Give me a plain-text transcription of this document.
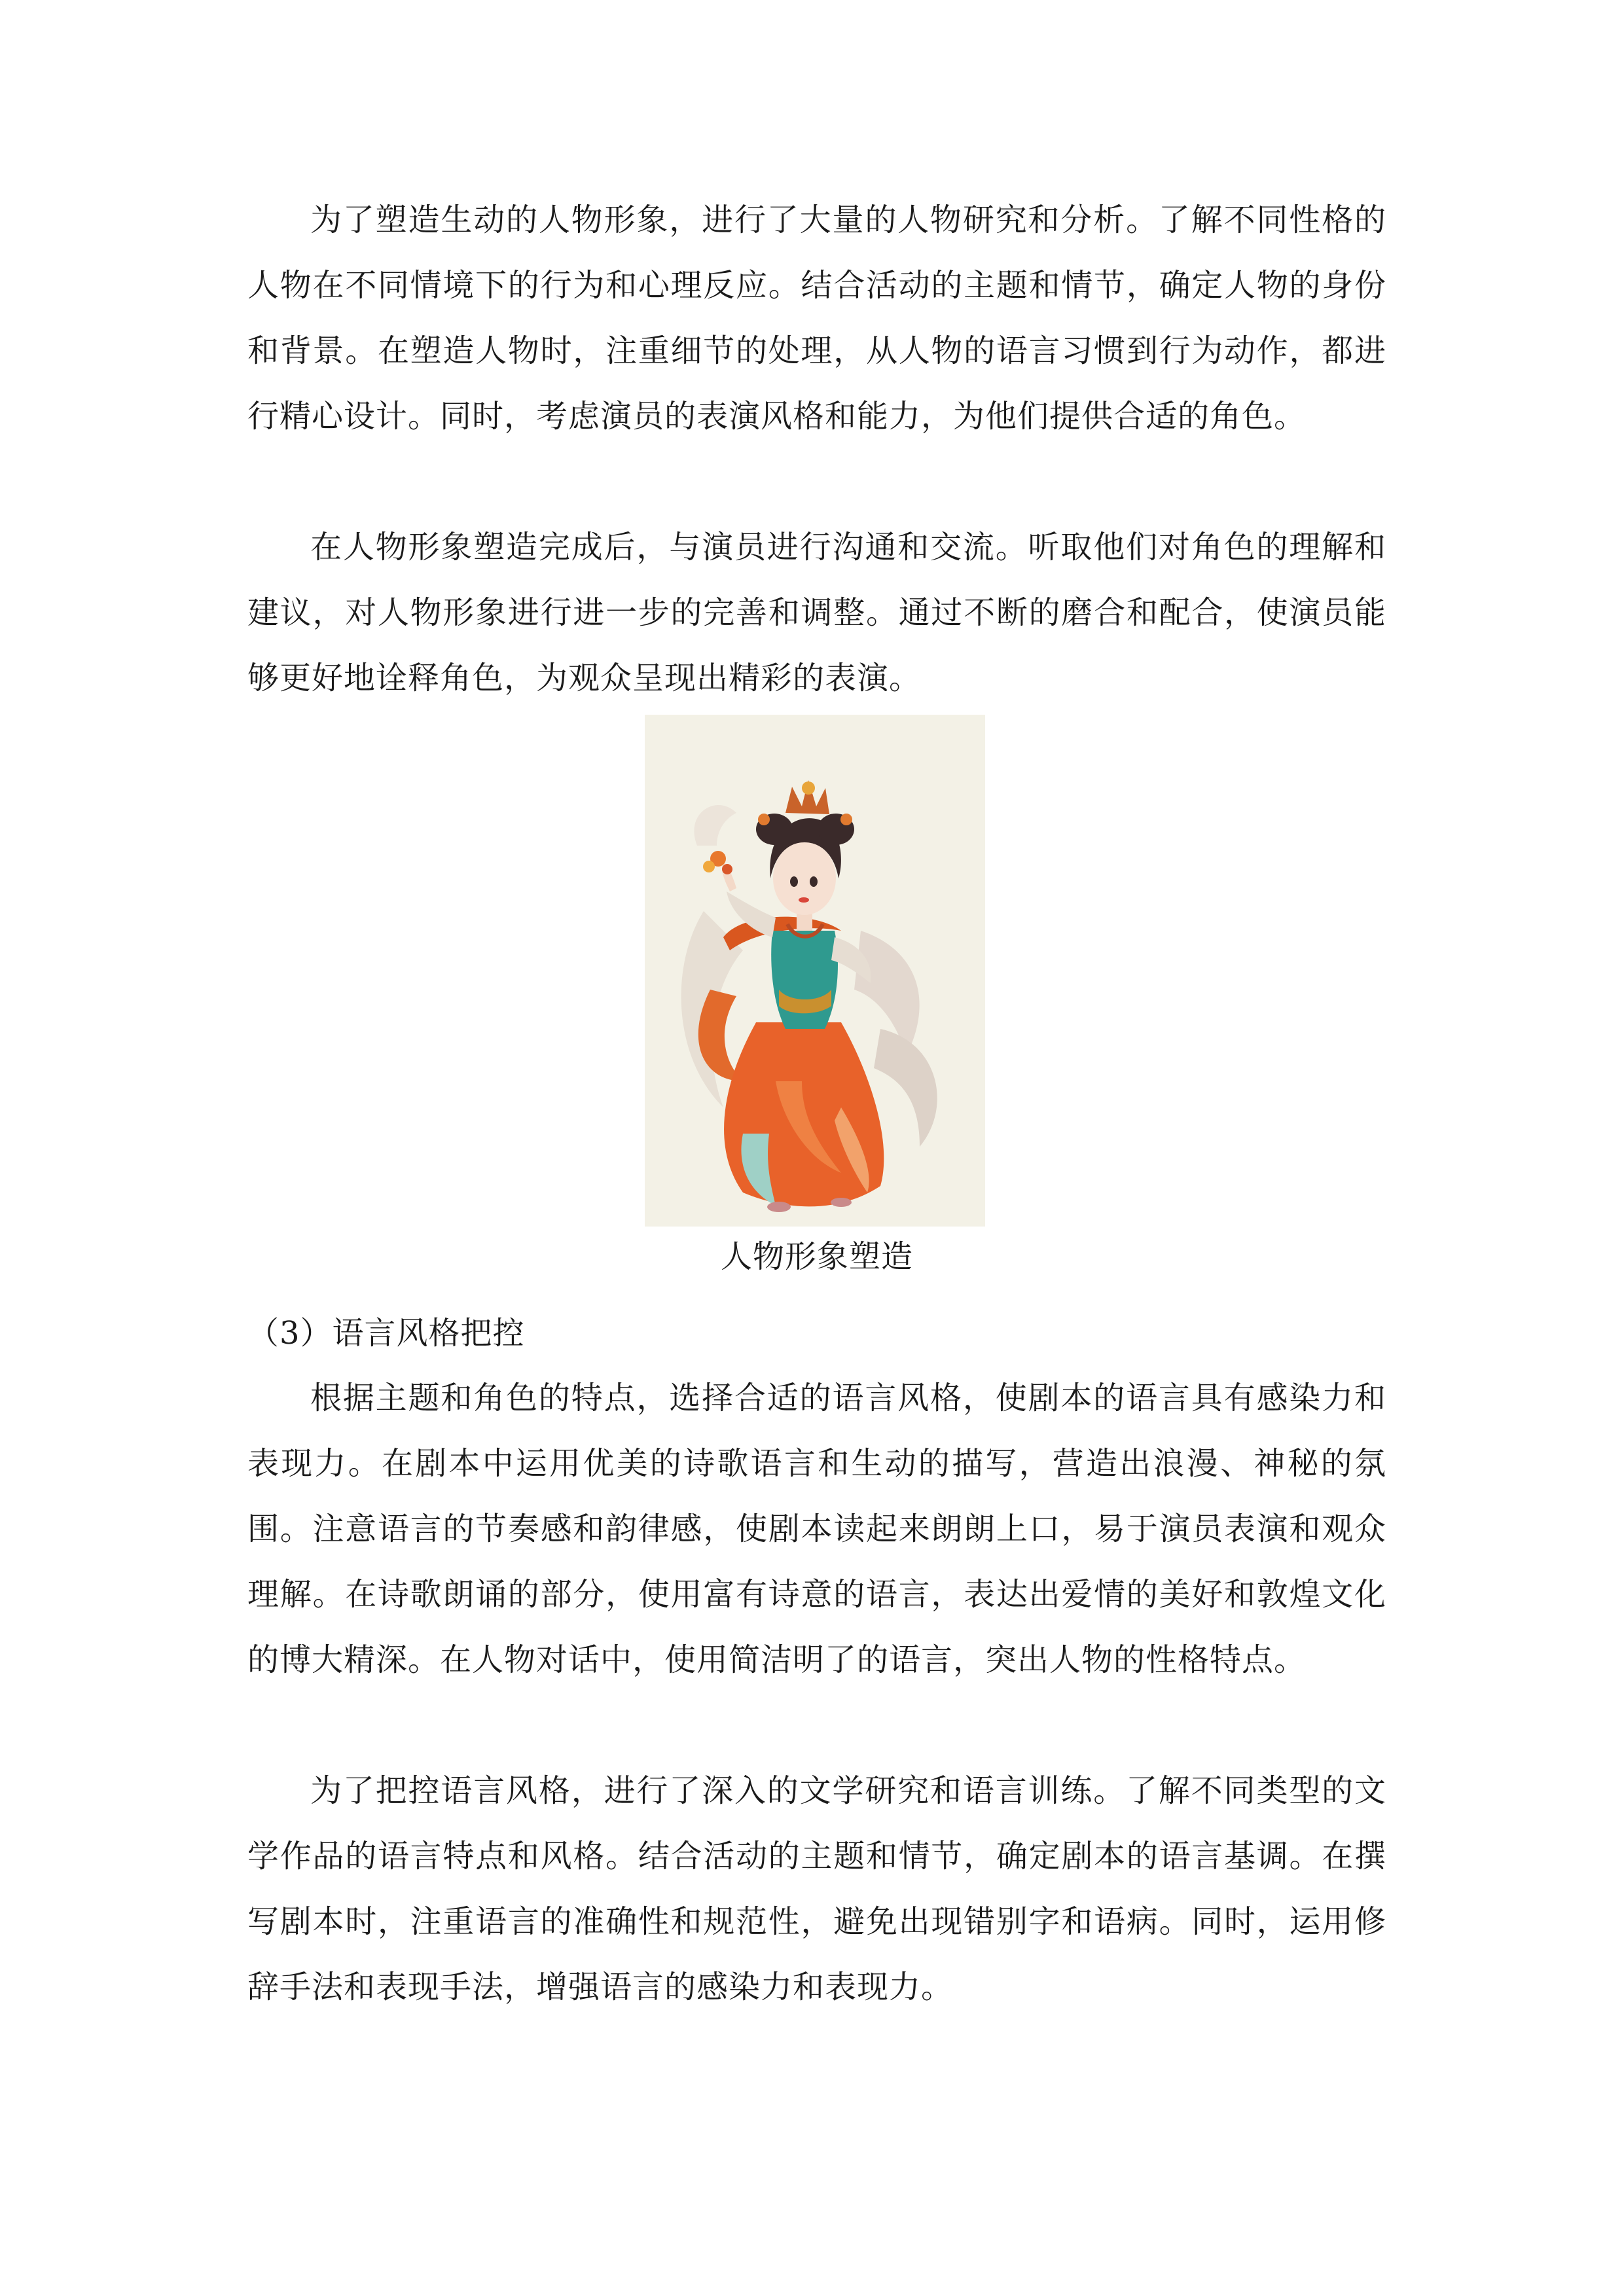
为了塑造生动的人物形象，进行了大量的人物研究和分析。了解不同性格的人物在不同情境下的行为和心理反应。结合活动的主题和情节，确定人物的身份和背景。在塑造人物时，注重细节的处理，从人物的语言习惯到行为动作，都进行精心设计。同时，考虑演员的表演风格和能力，为他们提供合适的角色。

在人物形象塑造完成后，与演员进行沟通和交流。听取他们对角色的理解和建议，对人物形象进行进一步的完善和调整。通过不断的磨合和配合，使演员能够更好地诠释角色，为观众呈现出精彩的表演。

人物形象塑造

（3）语言风格把控

根据主题和角色的特点，选择合适的语言风格，使剧本的语言具有感染力和表现力。在剧本中运用优美的诗歌语言和生动的描写，营造出浪漫、神秘的氛围。注意语言的节奏感和韵律感，使剧本读起来朗朗上口，易于演员表演和观众理解。在诗歌朗诵的部分，使用富有诗意的语言，表达出爱情的美好和敦煌文化的博大精深。在人物对话中，使用简洁明了的语言，突出人物的性格特点。

为了把控语言风格，进行了深入的文学研究和语言训练。了解不同类型的文学作品的语言特点和风格。结合活动的主题和情节，确定剧本的语言基调。在撰写剧本时，注重语言的准确性和规范性，避免出现错别字和语病。同时，运用修辞手法和表现手法，增强语言的感染力和表现力。
